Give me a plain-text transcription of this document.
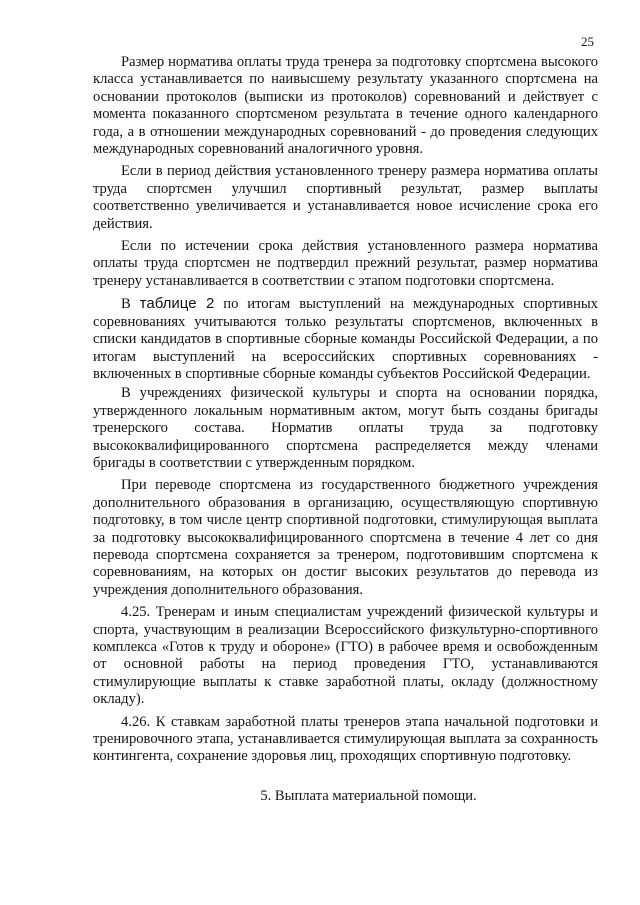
25

Размер норматива оплаты труда тренера за подготовку спортсмена высокого класса устанавливается по наивысшему результату указанного спортсмена на основании протоколов (выписки из протоколов) соревнований и действует с момента показанного спортсменом результата в течение одного календарного года, а в отношении международных соревнований - до проведения следующих международных соревнований аналогичного уровня.

Если в период действия установленного тренеру размера норматива оплаты труда спортсмен улучшил спортивный результат, размер выплаты соответственно увеличивается и устанавливается новое исчисление срока его действия.

Если по истечении срока действия установленного размера норматива оплаты труда спортсмен не подтвердил прежний результат, размер норматива тренеру устанавливается в соответствии с этапом подготовки спортсмена.

В таблице 2 по итогам выступлений на международных спортивных соревнованиях учитываются только результаты спортсменов, включенных в списки кандидатов в спортивные сборные команды Российской Федерации, а по итогам выступлений на всероссийских спортивных соревнованиях - включенных в спортивные сборные команды субъектов Российской Федерации.

В учреждениях физической культуры и спорта на основании порядка, утвержденного локальным нормативным актом, могут быть созданы бригады тренерского состава. Норматив оплаты труда за подготовку высококвалифицированного спортсмена распределяется между членами бригады в соответствии с утвержденным порядком.

При переводе спортсмена из государственного бюджетного учреждения дополнительного образования в организацию, осуществляющую спортивную подготовку, в том числе центр спортивной подготовки, стимулирующая выплата за подготовку высококвалифицированного спортсмена в течение 4 лет со дня перевода спортсмена сохраняется за тренером, подготовившим спортсмена к соревнованиям, на которых он достиг высоких результатов до перевода из учреждения дополнительного образования.

4.25. Тренерам и иным специалистам учреждений физической культуры и спорта, участвующим в реализации Всероссийского физкультурно-спортивного комплекса «Готов к труду и обороне» (ГТО) в рабочее время и освобожденным от основной работы на период проведения ГТО, устанавливаются стимулирующие выплаты к ставке заработной платы, окладу (должностному окладу).

4.26. К ставкам заработной платы тренеров этапа начальной подготовки и тренировочного этапа, устанавливается стимулирующая выплата за сохранность контингента, сохранение здоровья лиц, проходящих спортивную подготовку.

5. Выплата материальной помощи.
